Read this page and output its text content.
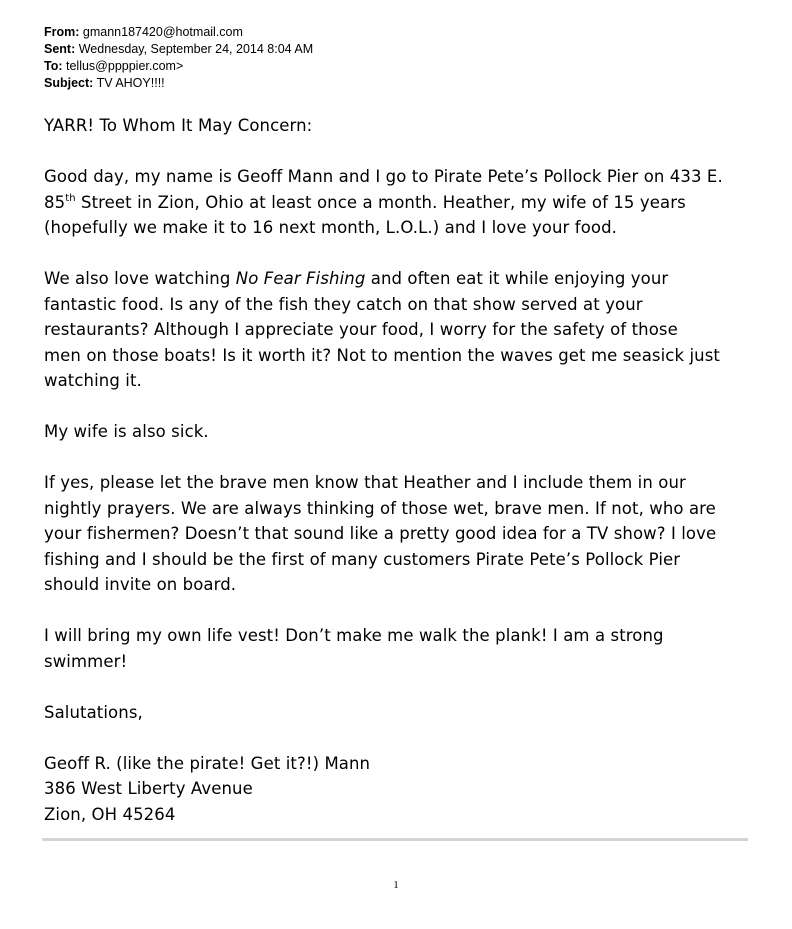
From: gmann187420@hotmail.com
Sent: Wednesday, September 24, 2014 8:04 AM
To: tellus@ppppier.com>
Subject: TV AHOY!!!!
YARR! To Whom It May Concern:
Good day, my name is Geoff Mann and I go to Pirate Pete’s Pollock Pier on 433 E.
85th Street in Zion, Ohio at least once a month. Heather, my wife of 15 years
(hopefully we make it to 16 next month, L.O.L.) and I love your food.
We also love watching No Fear Fishing and often eat it while enjoying your
fantastic food. Is any of the fish they catch on that show served at your
restaurants? Although I appreciate your food, I worry for the safety of those
men on those boats! Is it worth it? Not to mention the waves get me seasick just
watching it.
My wife is also sick.
If yes, please let the brave men know that Heather and I include them in our
nightly prayers. We are always thinking of those wet, brave men. If not, who are
your fishermen? Doesn’t that sound like a pretty good idea for a TV show? I love
fishing and I should be the first of many customers Pirate Pete’s Pollock Pier
should invite on board.
I will bring my own life vest! Don’t make me walk the plank! I am a strong
swimmer!
Salutations,
Geoff R. (like the pirate! Get it?!) Mann
386 West Liberty Avenue
Zion, OH 45264
1
